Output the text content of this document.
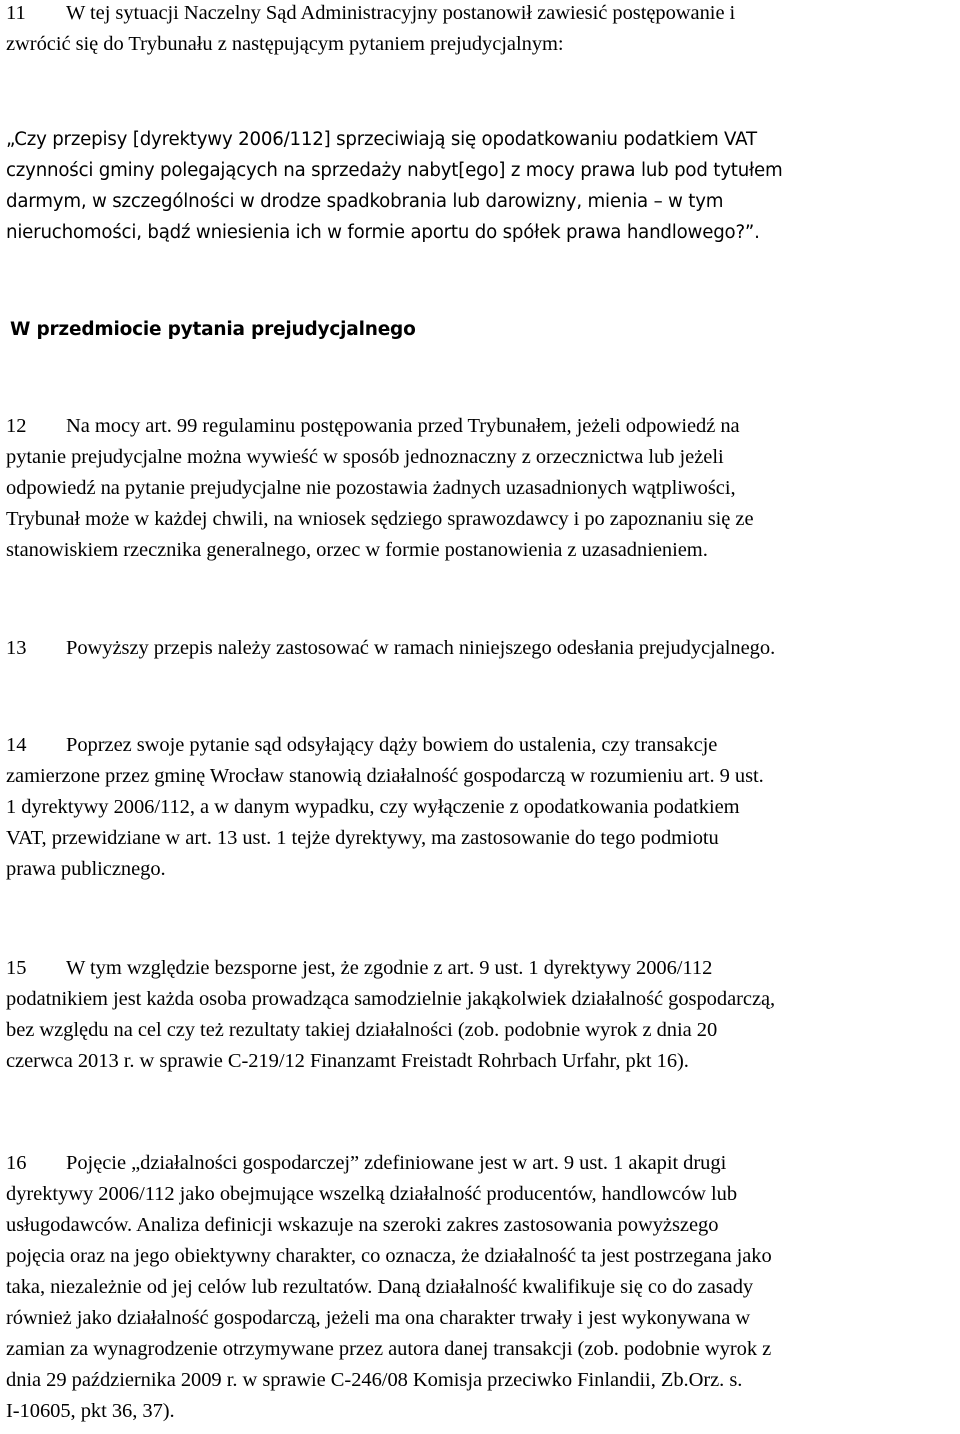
11 W tej sytuacji Naczelny Sąd Administracyjny postanowił zawiesić postępowanie i
zwrócić się do Trybunału z następującym pytaniem prejudycjalnym:
„Czy przepisy [dyrektywy 2006/112] sprzeciwiają się opodatkowaniu podatkiem VAT
czynności gminy polegających na sprzedaży nabyt[ego] z mocy prawa lub pod tytułem
darmym, w szczególności w drodze spadkobrania lub darowizny, mienia – w tym
nieruchomości, bądź wniesienia ich w formie aportu do spółek prawa handlowego?”.
W przedmiocie pytania prejudycjalnego
12 Na mocy art. 99 regulaminu postępowania przed Trybunałem, jeżeli odpowiedź na
pytanie prejudycjalne można wywieść w sposób jednoznaczny z orzecznictwa lub jeżeli
odpowiedź na pytanie prejudycjalne nie pozostawia żadnych uzasadnionych wątpliwości,
Trybunał może w każdej chwili, na wniosek sędziego sprawozdawcy i po zapoznaniu się ze
stanowiskiem rzecznika generalnego, orzec w formie postanowienia z uzasadnieniem.
13 Powyższy przepis należy zastosować w ramach niniejszego odesłania prejudycjalnego.
14 Poprzez swoje pytanie sąd odsyłający dąży bowiem do ustalenia, czy transakcje
zamierzone przez gminę Wrocław stanowią działalność gospodarczą w rozumieniu art. 9 ust.
1 dyrektywy 2006/112, a w danym wypadku, czy wyłączenie z opodatkowania podatkiem
VAT, przewidziane w art. 13 ust. 1 tejże dyrektywy, ma zastosowanie do tego podmiotu
prawa publicznego.
15 W tym względzie bezsporne jest, że zgodnie z art. 9 ust. 1 dyrektywy 2006/112
podatnikiem jest każda osoba prowadząca samodzielnie jakąkolwiek działalność gospodarczą,
bez względu na cel czy też rezultaty takiej działalności (zob. podobnie wyrok z dnia 20
czerwca 2013 r. w sprawie C‑219/12 Finanzamt Freistadt Rohrbach Urfahr, pkt 16).
16 Pojęcie „działalności gospodarczej” zdefiniowane jest w art. 9 ust. 1 akapit drugi
dyrektywy 2006/112 jako obejmujące wszelką działalność producentów, handlowców lub
usługodawców. Analiza definicji wskazuje na szeroki zakres zastosowania powyższego
pojęcia oraz na jego obiektywny charakter, co oznacza, że działalność ta jest postrzegana jako
taka, niezależnie od jej celów lub rezultatów. Daną działalność kwalifikuje się co do zasady
również jako działalność gospodarczą, jeżeli ma ona charakter trwały i jest wykonywana w
zamian za wynagrodzenie otrzymywane przez autora danej transakcji (zob. podobnie wyrok z
dnia 29 października 2009 r. w sprawie C‑246/08 Komisja przeciwko Finlandii, Zb.Orz. s.
I‑10605, pkt 36, 37).
